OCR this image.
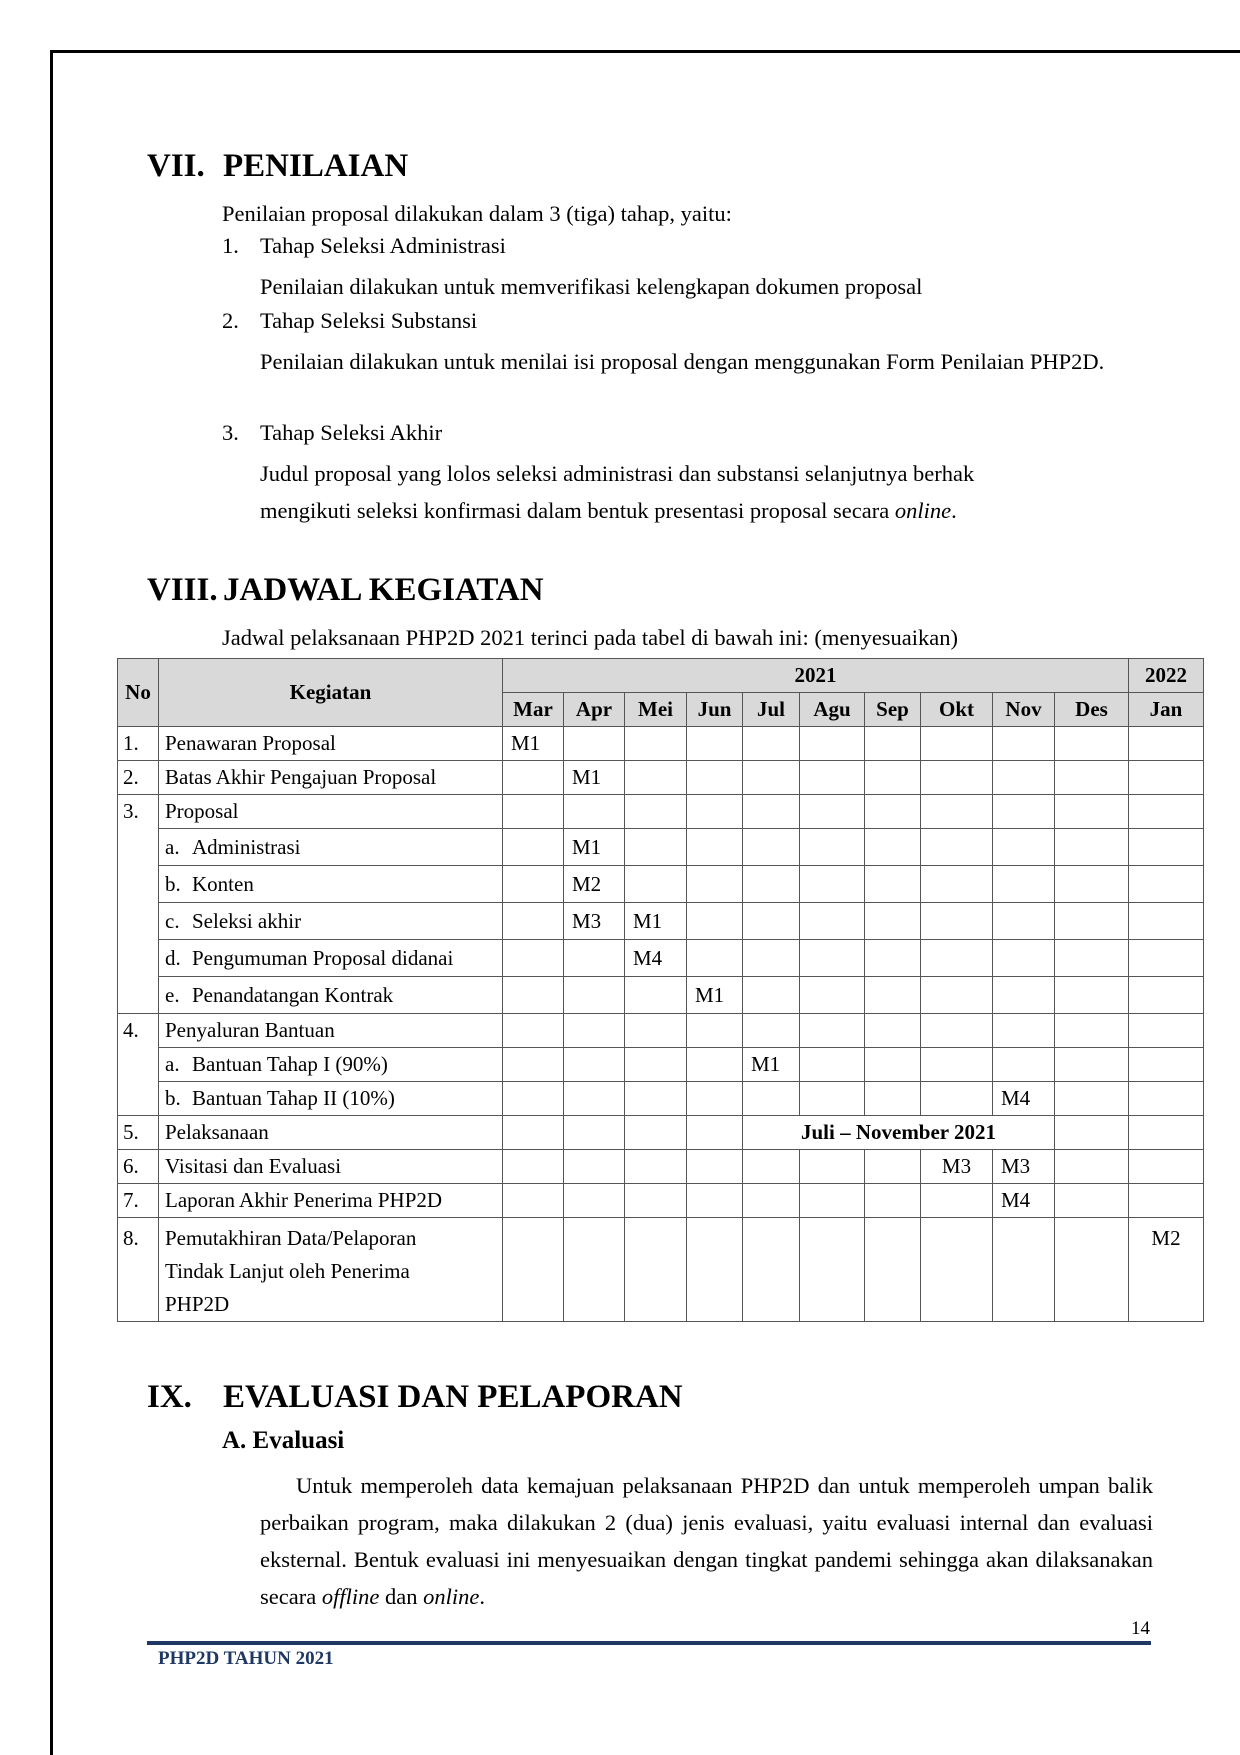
VII. PENILAIAN
Penilaian proposal dilakukan dalam 3 (tiga) tahap, yaitu:
1. Tahap Seleksi Administrasi
Penilaian dilakukan untuk memverifikasi kelengkapan dokumen proposal
2. Tahap Seleksi Substansi
Penilaian dilakukan untuk menilai isi proposal dengan menggunakan Form Penilaian PHP2D.
3. Tahap Seleksi Akhir
Judul proposal yang lolos seleksi administrasi dan substansi selanjutnya berhak
mengikuti seleksi konfirmasi dalam bentuk presentasi proposal secara online.
VIII. JADWAL KEGIATAN
Jadwal pelaksanaan PHP2D 2021 terinci pada tabel di bawah ini: (menyesuaikan)
No	Kegiatan	2021										2022
		Mar	Apr	Mei	Jun	Jul	Agu	Sep	Okt	Nov	Des	Jan
1.	Penawaran Proposal	M1										
2.	Batas Akhir Pengajuan Proposal		M1									
3.	Proposal											
	a. Administrasi		M1									
	b. Konten		M2									
	c. Seleksi akhir		M3	M1								
	d. Pengumuman Proposal didanai			M4								
	e. Penandatangan Kontrak				M1							
4.	Penyaluran Bantuan											
	a. Bantuan Tahap I (90%)					M1						
	b. Bantuan Tahap II (10%)									M4		
5.	Pelaksanaan					Juli – November 2021						
6.	Visitasi dan Evaluasi								M3	M3		
7.	Laporan Akhir Penerima PHP2D									M4		
8.	Pemutakhiran Data/Pelaporan
Tindak Lanjut oleh Penerima
PHP2D											M2
IX. EVALUASI DAN PELAPORAN
A. Evaluasi
Untuk memperoleh data kemajuan pelaksanaan PHP2D dan untuk memperoleh umpan balik perbaikan program, maka dilakukan 2 (dua) jenis evaluasi, yaitu evaluasi internal dan evaluasi eksternal. Bentuk evaluasi ini menyesuaikan dengan tingkat pandemi sehingga akan dilaksanakan secara offline dan online.
14
PHP2D TAHUN 2021
